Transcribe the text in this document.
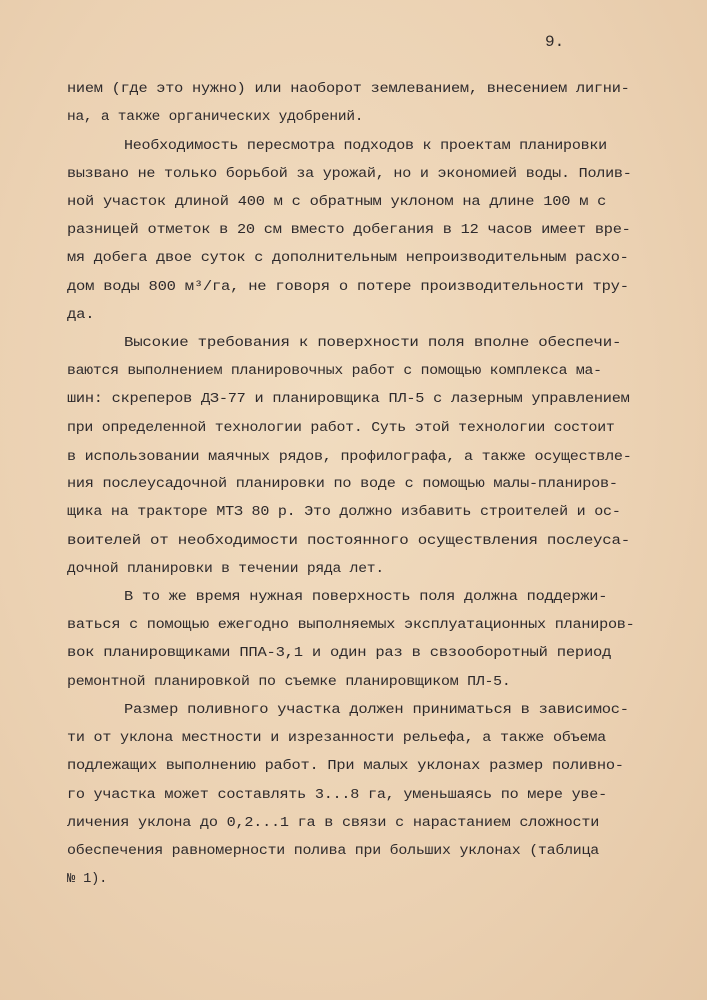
9.
нием (где это нужно) или наоборот землеванием, внесением лигни-
на, а также органических удобрений.
Необходимость пересмотра подходов к проектам планировки
вызвано не только борьбой за урожай, но и экономией воды. Полив-
ной участок длиной 400 м с обратным уклоном на длине 100 м с
разницей отметок в 20 см вместо добегания в 12 часов имеет вре-
мя добега двое суток с дополнительным непроизводительным расхо-
дом воды 800 м³/га, не говоря о потере производительности тру-
да.
Высокие требования к поверхности поля вполне обеспечи-
ваются выполнением планировочных работ с помощью комплекса ма-
шин: скреперов ДЗ-77 и планировщика ПЛ-5 с лазерным управлением
при определенной технологии работ. Суть этой технологии состоит
в использовании маячных рядов, профилографа, а также осуществле-
ния послеусадочной планировки по воде с помощью малы-планиров-
щика на тракторе МТЗ 80 р. Это должно избавить строителей и ос-
воителей от необходимости постоянного осуществления послеуса-
дочной планировки в течении ряда лет.
В то же время нужная поверхность поля должна поддержи-
ваться с помощью ежегодно выполняемых эксплуатационных планиров-
вок планировщиками ППА-3,1 и один раз в свзооборотный период
ремонтной планировкой по съемке планировщиком ПЛ-5.
Размер поливного участка должен приниматься в зависимос-
ти от уклона местности и изрезанности рельефа, а также объема
подлежащих выполнению работ. При малых уклонах размер поливно-
го участка может составлять 3...8 га, уменьшаясь по мере уве-
личения уклона до 0,2...1 га в связи с нарастанием сложности
обеспечения равномерности полива при больших уклонах (таблица
№ 1).
